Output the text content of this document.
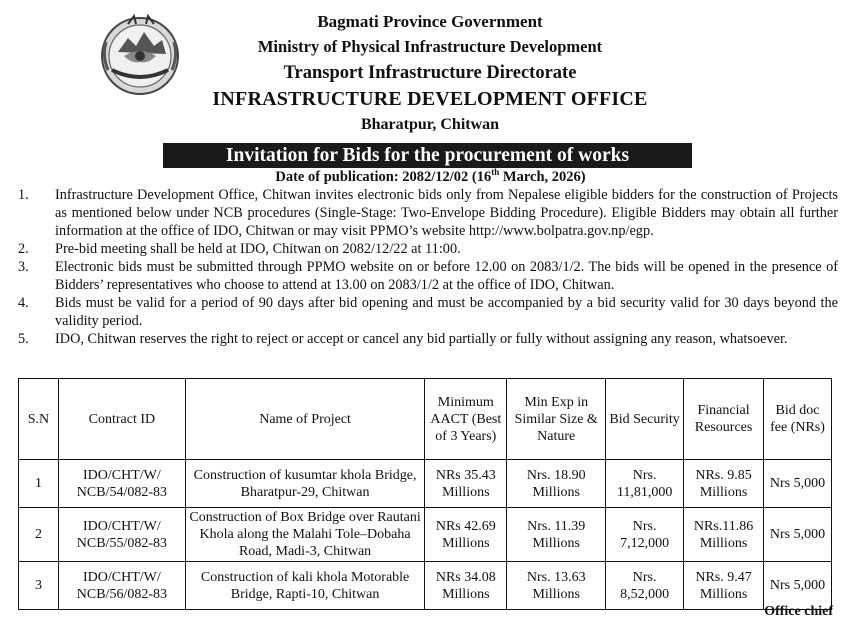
Bagmati Province Government
Ministry of Physical Infrastructure Development
Transport Infrastructure Directorate
INFRASTRUCTURE DEVELOPMENT OFFICE
Bharatpur, Chitwan
Invitation for Bids for the procurement of works
Date of publication: 2082/12/02 (16th March, 2026)
1. Infrastructure Development Office, Chitwan invites electronic bids only from Nepalese eligible bidders for the construction of Projects as mentioned below under NCB procedures (Single-Stage: Two-Envelope Bidding Procedure). Eligible Bidders may obtain all further information at the office of IDO, Chitwan or may visit PPMO’s website http://www.bolpatra.gov.np/egp.
2. Pre-bid meeting shall be held at IDO, Chitwan on 2082/12/22 at 11:00.
3. Electronic bids must be submitted through PPMO website on or before 12.00 on 2083/1/2. The bids will be opened in the presence of Bidders’ representatives who choose to attend at 13.00 on 2083/1/2 at the office of IDO, Chitwan.
4. Bids must be valid for a period of 90 days after bid opening and must be accompanied by a bid security valid for 30 days beyond the validity period.
5. IDO, Chitwan reserves the right to reject or accept or cancel any bid partially or fully without assigning any reason, whatsoever.
S.N	Contract ID	Name of Project	Minimum AACT (Best of 3 Years)	Min Exp in Similar Size & Nature	Bid Security	Financial Resources	Bid doc fee (NRs)
1	IDO/CHT/W/ NCB/54/082-83	Construction of kusumtar khola Bridge, Bharatpur-29, Chitwan	NRs 35.43 Millions	Nrs. 18.90 Millions	Nrs. 11,81,000	NRs. 9.85 Millions	Nrs 5,000
2	IDO/CHT/W/ NCB/55/082-83	Construction of Box Bridge over Rautani Khola along the Malahi Tole–Dobaha Road, Madi-3, Chitwan	NRs 42.69 Millions	Nrs. 11.39 Millions	Nrs. 7,12,000	NRs.11.86 Millions	Nrs 5,000
3	IDO/CHT/W/ NCB/56/082-83	Construction of kali khola Motorable Bridge, Rapti-10, Chitwan	NRs 34.08 Millions	Nrs. 13.63 Millions	Nrs. 8,52,000	NRs. 9.47 Millions	Nrs 5,000
Office chief
